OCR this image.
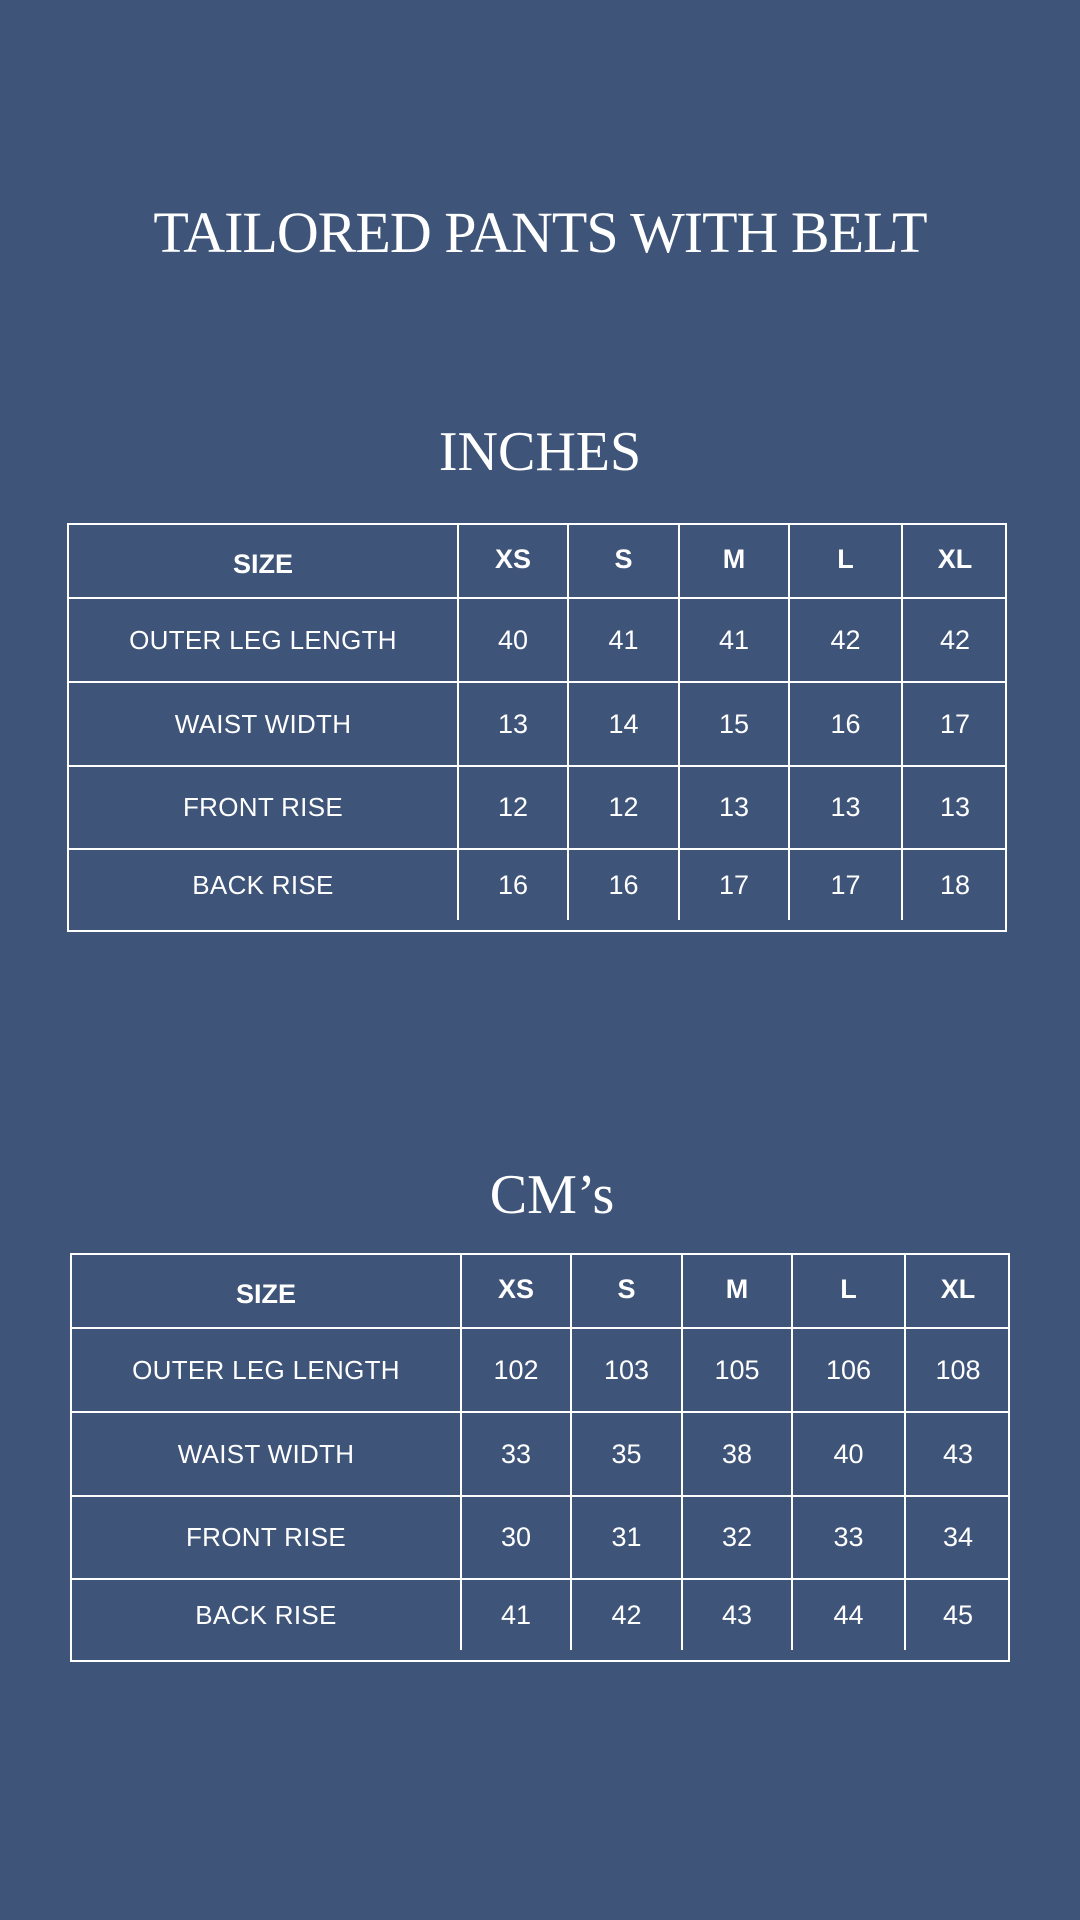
TAILORED PANTS WITH BELT
INCHES
SIZE	XS	S	M	L	XL
OUTER LEG LENGTH	40	41	41	42	42
WAIST WIDTH	13	14	15	16	17
FRONT RISE	12	12	13	13	13
BACK RISE	16	16	17	17	18
CM’s
SIZE	XS	S	M	L	XL
OUTER LEG LENGTH	102 103 105 106 108
WAIST WIDTH	33	35	38	40	43
FRONT RISE	30	31	32	33	34
BACK RISE	41	42	43	44	45
